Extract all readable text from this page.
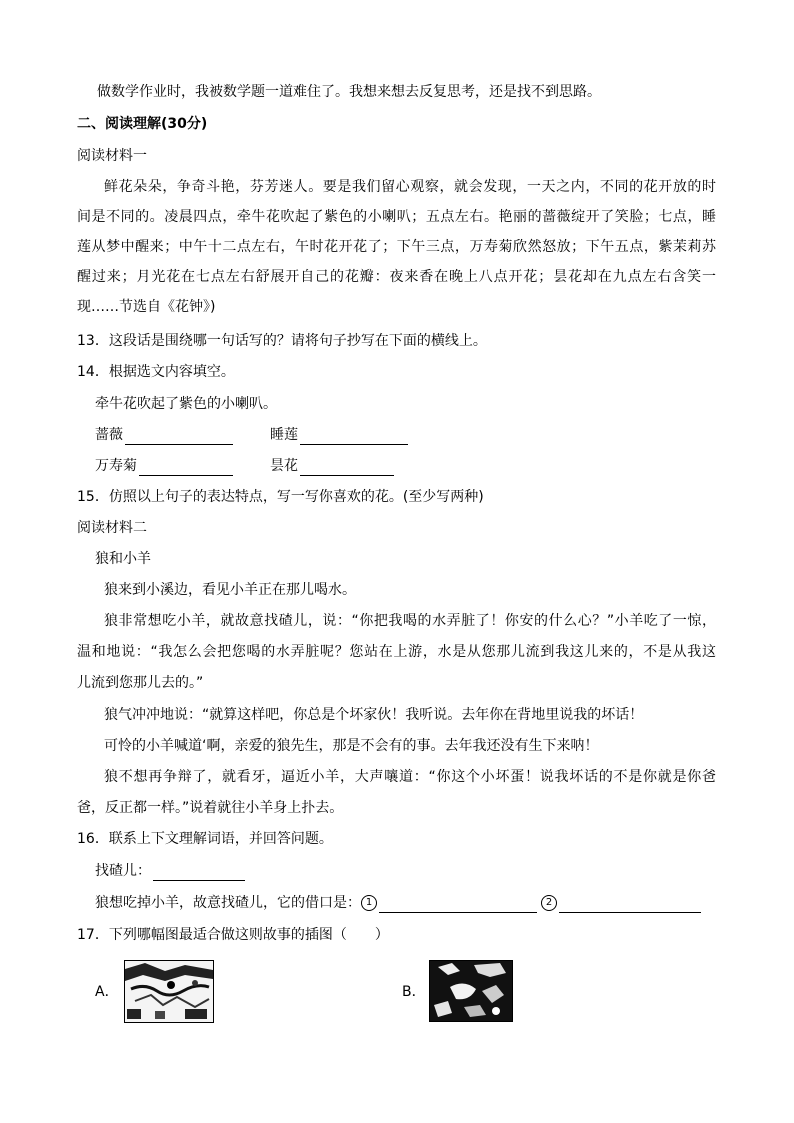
做数学作业时，我被数学题一道难住了。我想来想去反复思考，还是找不到思路。
二、阅读理解(30分)
阅读材料一
鲜花朵朵，争奇斗艳，芬芳迷人。要是我们留心观察，就会发现，一天之内，不同的花开放的时
间是不同的。凌晨四点，牵牛花吹起了紫色的小喇叭；五点左右。艳丽的蔷薇绽开了笑脸；七点，睡
莲从梦中醒来；中午十二点左右，午时花开花了；下午三点，万寿菊欣然怒放；下午五点，紫茉莉苏
醒过来；月光花在七点左右舒展开自己的花瓣：夜来香在晚上八点开花；昙花却在九点左右含笑一
现……节选自《花钟》)
13．这段话是围绕哪一句话写的？请将句子抄写在下面的横线上。
14．根据选文内容填空。
牵牛花吹起了紫色的小喇叭。
蔷薇	睡莲
万寿菊	昙花
15．仿照以上句子的表达特点，写一写你喜欢的花。(至少写两种)
阅读材料二
狼和小羊
狼来到小溪边，看见小羊正在那儿喝水。
狼非常想吃小羊，就故意找碴儿，说：“你把我喝的水弄脏了！你安的什么心？”小羊吃了一惊，
温和地说：“我怎么会把您喝的水弄脏呢？您站在上游，水是从您那儿流到我这儿来的，不是从我这
儿流到您那儿去的。”
狼气冲冲地说：“就算这样吧，你总是个坏家伙！我听说。去年你在背地里说我的坏话！
可怜的小羊喊道‘啊，亲爱的狼先生，那是不会有的事。去年我还没有生下来呐！
狼不想再争辩了，就看牙，逼近小羊，大声嚷道：“你这个小坏蛋！说我坏话的不是你就是你爸
爸，反正都一样。”说着就往小羊身上扑去。
16．联系上下文理解词语，并回答问题。
找碴儿：
狼想吃掉小羊，故意找碴儿，它的借口是： 1	2
17．下列哪幅图最适合做这则故事的插图（　　）
A．	B．
